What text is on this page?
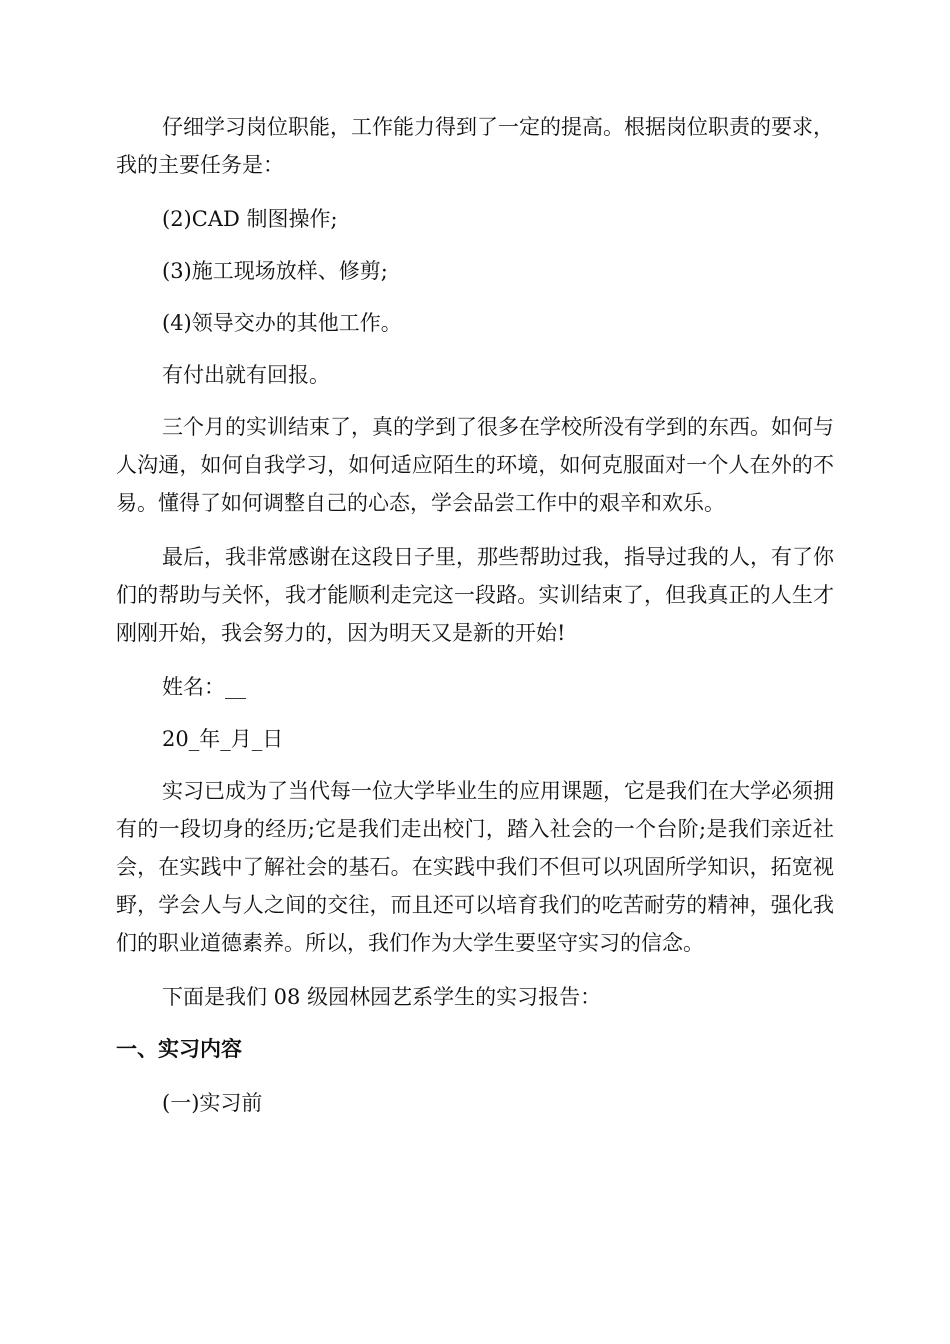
仔细学习岗位职能，工作能力得到了一定的提高。根据岗位职责的要求，我的主要任务是：

(2)CAD 制图操作;

(3)施工现场放样、修剪;

(4)领导交办的其他工作。

有付出就有回报。

三个月的实训结束了，真的学到了很多在学校所没有学到的东西。如何与人沟通，如何自我学习，如何适应陌生的环境，如何克服面对一个人在外的不易。懂得了如何调整自己的心态，学会品尝工作中的艰辛和欢乐。

最后，我非常感谢在这段日子里，那些帮助过我，指导过我的人，有了你们的帮助与关怀，我才能顺利走完这一段路。实训结束了，但我真正的人生才刚刚开始，我会努力的，因为明天又是新的开始!

姓名：__

20_年_月_日

实习已成为了当代每一位大学毕业生的应用课题，它是我们在大学必须拥有的一段切身的经历;它是我们走出校门，踏入社会的一个台阶;是我们亲近社会，在实践中了解社会的基石。在实践中我们不但可以巩固所学知识，拓宽视野，学会人与人之间的交往，而且还可以培育我们的吃苦耐劳的精神，强化我们的职业道德素养。所以，我们作为大学生要坚守实习的信念。

下面是我们 08 级园林园艺系学生的实习报告：

一、实习内容

(一)实习前
